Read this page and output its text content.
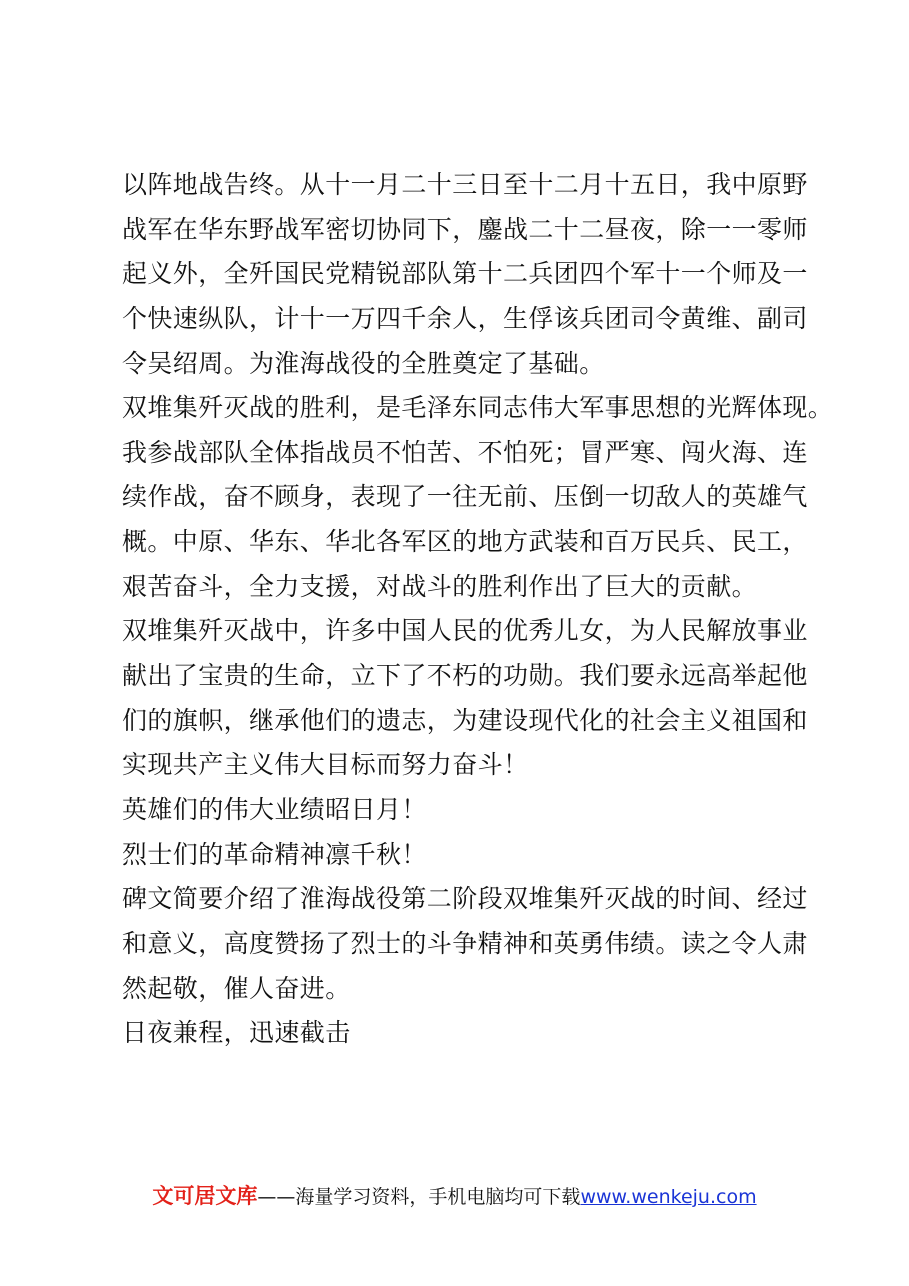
以阵地战告终。从十一月二十三日至十二月十五日，我中原野
战军在华东野战军密切协同下，鏖战二十二昼夜，除一一零师
起义外，全歼国民党精锐部队第十二兵团四个军十一个师及一
个快速纵队，计十一万四千余人，生俘该兵团司令黄维、副司
令吴绍周。为淮海战役的全胜奠定了基础。
双堆集歼灭战的胜利，是毛泽东同志伟大军事思想的光辉体现。
我参战部队全体指战员不怕苦、不怕死；冒严寒、闯火海、连
续作战，奋不顾身，表现了一往无前、压倒一切敌人的英雄气
概。中原、华东、华北各军区的地方武装和百万民兵、民工，
艰苦奋斗，全力支援，对战斗的胜利作出了巨大的贡献。
双堆集歼灭战中，许多中国人民的优秀儿女，为人民解放事业
献出了宝贵的生命，立下了不朽的功勋。我们要永远高举起他
们的旗帜，继承他们的遗志，为建设现代化的社会主义祖国和
实现共产主义伟大目标而努力奋斗！
英雄们的伟大业绩昭日月！
烈士们的革命精神凛千秋！
碑文简要介绍了淮海战役第二阶段双堆集歼灭战的时间、经过
和意义，高度赞扬了烈士的斗争精神和英勇伟绩。读之令人肃
然起敬，催人奋进。
日夜兼程，迅速截击
文可居文库——海量学习资料，手机电脑均可下载www.wenkeju.com
